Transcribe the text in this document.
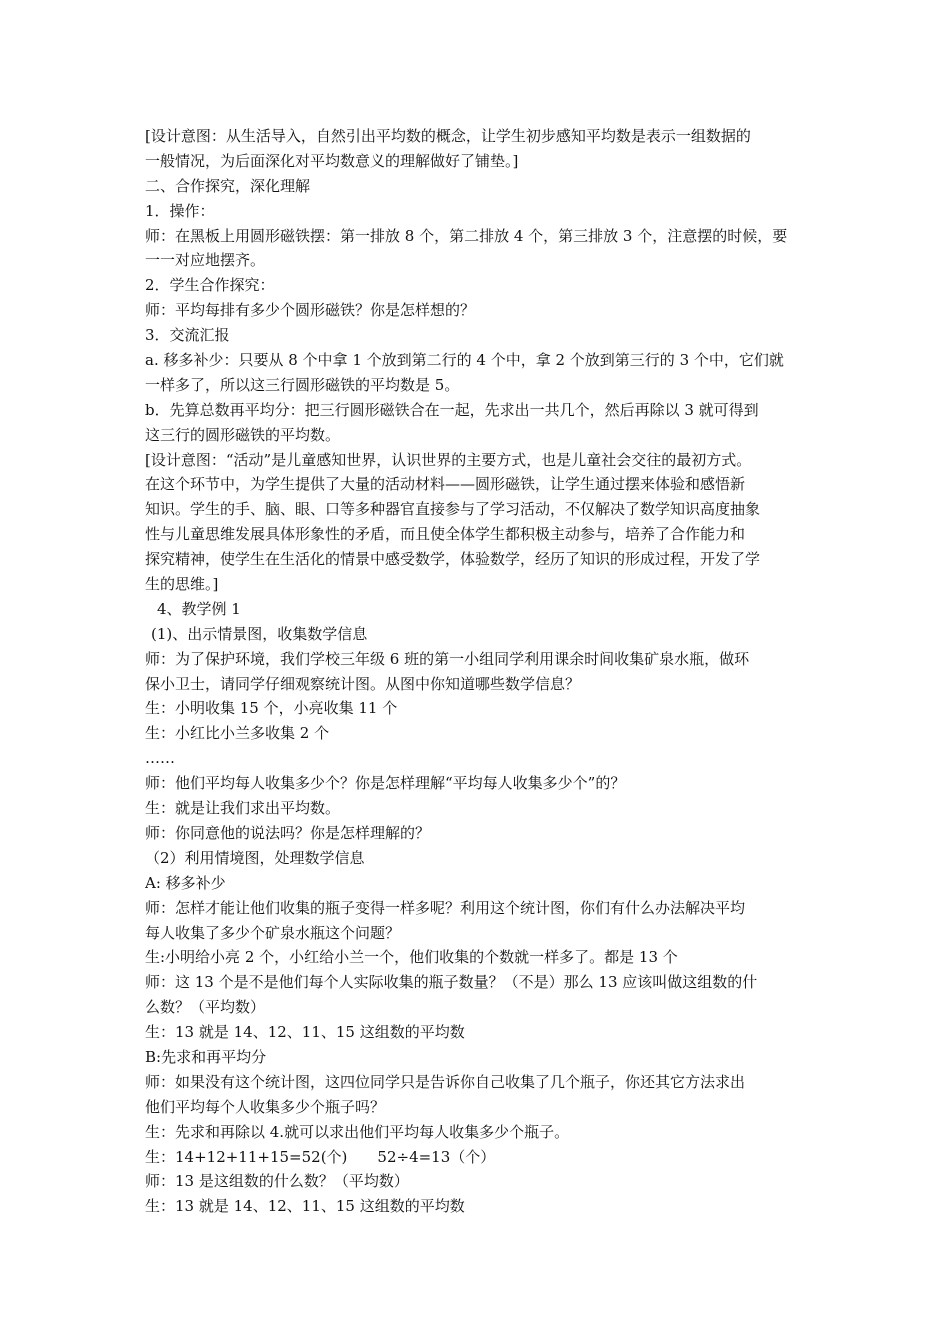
[设计意图：从生活导入，自然引出平均数的概念，让学生初步感知平均数是表示一组数据的
一般情况，为后面深化对平均数意义的理解做好了铺垫。]
二、合作探究，深化理解
1．操作：
师：在黑板上用圆形磁铁摆：第一排放 8 个，第二排放 4 个，第三排放 3 个，注意摆的时候，要
一一对应地摆齐。
2．学生合作探究：
师：平均每排有多少个圆形磁铁？你是怎样想的？
3．交流汇报
a. 移多补少：只要从 8 个中拿 1 个放到第二行的 4 个中，拿 2 个放到第三行的 3 个中，它们就
一样多了，所以这三行圆形磁铁的平均数是 5。
b．先算总数再平均分：把三行圆形磁铁合在一起，先求出一共几个，然后再除以 3 就可得到
这三行的圆形磁铁的平均数。
[设计意图：“活动”是儿童感知世界，认识世界的主要方式，也是儿童社会交往的最初方式。
在这个环节中，为学生提供了大量的活动材料——圆形磁铁，让学生通过摆来体验和感悟新
知识。学生的手、脑、眼、口等多种器官直接参与了学习活动，不仅解决了数学知识高度抽象
性与儿童思维发展具体形象性的矛盾，而且使全体学生都积极主动参与，培养了合作能力和
探究精神，使学生在生活化的情景中感受数学，体验数学，经历了知识的形成过程，开发了学
生的思维。]
4、教学例 1
(1)、出示情景图，收集数学信息
师：为了保护环境，我们学校三年级 6 班的第一小组同学利用课余时间收集矿泉水瓶，做环
保小卫士，请同学仔细观察统计图。从图中你知道哪些数学信息？
生：小明收集 15 个，小亮收集 11 个
生：小红比小兰多收集 2 个
……
师：他们平均每人收集多少个？你是怎样理解“平均每人收集多少个”的？
生：就是让我们求出平均数。
师：你同意他的说法吗？你是怎样理解的？
（2）利用情境图，处理数学信息
A: 移多补少
师：怎样才能让他们收集的瓶子变得一样多呢？利用这个统计图，你们有什么办法解决平均
每人收集了多少个矿泉水瓶这个问题？
生:小明给小亮 2 个，小红给小兰一个，他们收集的个数就一样多了。都是 13 个
师：这 13 个是不是他们每个人实际收集的瓶子数量？（不是）那么 13 应该叫做这组数的什
么数？（平均数）
生：13 就是 14、12、11、15 这组数的平均数
B:先求和再平均分
师：如果没有这个统计图，这四位同学只是告诉你自己收集了几个瓶子，你还其它方法求出
他们平均每个人收集多少个瓶子吗？
生：先求和再除以 4.就可以求出他们平均每人收集多少个瓶子。
生：14+12+11+15=52(个)　　52÷4=13（个）
师：13 是这组数的什么数？（平均数）
生：13 就是 14、12、11、15 这组数的平均数
